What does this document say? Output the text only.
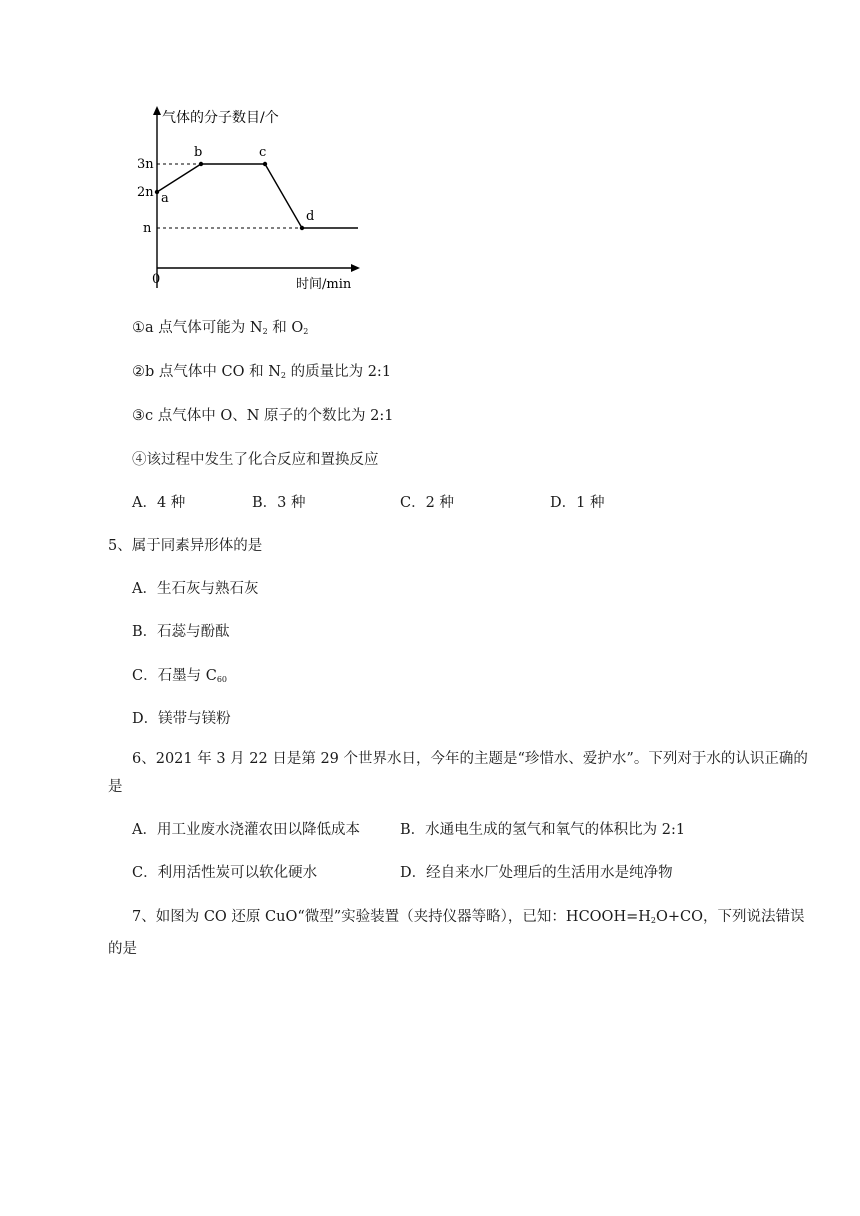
气体的分子数目/个
时间/min
0
3n
2n
n
a
b	c
d
①a 点气体可能为 $N_2$ 和 $O_2$
②b 点气体中 CO 和 $N_2$ 的质量比为 2:1
③c 点气体中 O、N 原子的个数比为 2:1
④该过程中发生了化合反应和置换反应
A．4 种	B．3 种	C．2 种	D．1 种
5、属于同素异形体的是
A．生石灰与熟石灰
B．石蕊与酚酞
C．石墨与 $C_{60}$
D．镁带与镁粉
6、2021 年 3 月 22 日是第 29 个世界水日，今年的主题是“珍惜水、爱护水”。下列对于水的认识正确的是
A．用工业废水浇灌农田以降低成本	B．水通电生成的氢气和氧气的体积比为 2:1
C．利用活性炭可以软化硬水	D．经自来水厂处理后的生活用水是纯净物
7、如图为 CO 还原 CuO“微型”实验装置（夹持仪器等略），已知：$HCOOH=H_2O+CO$，下列说法错误的是
